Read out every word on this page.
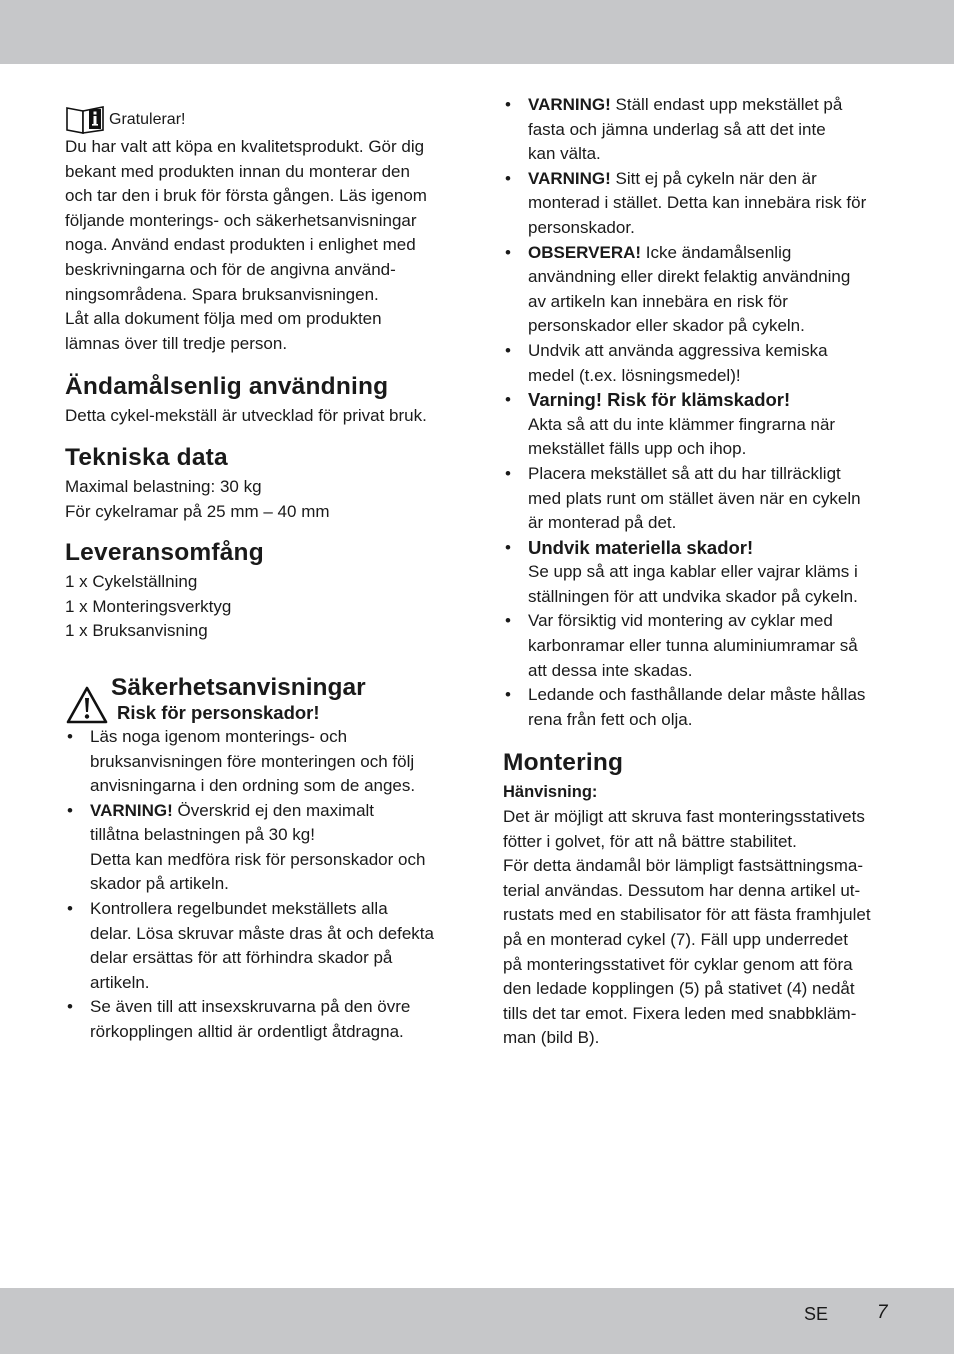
Gratulerar!
Du har valt att köpa en kvalitetsprodukt. Gör dig
bekant med produkten innan du monterar den
och tar den i bruk för första gången. Läs igenom
följande monterings- och säkerhetsanvisningar
noga. Använd endast produkten i enlighet med
beskrivningarna och för de angivna använd-
ningsområdena. Spara bruksanvisningen.
Låt alla dokument följa med om produkten
lämnas över till tredje person.
Ändamålsenlig användning

Detta cykel-mekställ är utvecklad för privat bruk.

Tekniska data
Maximal belastning: 30 kg
För cykelramar på 25 mm – 40 mm
Leveransomfång
1 x Cykelställning
1 x Monteringsverktyg
1 x Bruksanvisning
Säkerhetsanvisningar
Risk för personskador!
• Läs noga igenom monterings- och
bruksanvisningen före monteringen och följ
anvisningarna i den ordning som de anges.
• VARNING! Överskrid ej den maximalt
tillåtna belastningen på 30 kg!
Detta kan medföra risk för personskador och
skador på artikeln.
• Kontrollera regelbundet mekställets alla
delar. Lösa skruvar måste dras åt och defekta
delar ersättas för att förhindra skador på
artikeln.
• Se även till att insexskruvarna på den övre
rörkopplingen alltid är ordentligt åtdragna.
• VARNING! Ställ endast upp mekstället på
fasta och jämna underlag så att det inte
kan välta.
• VARNING! Sitt ej på cykeln när den är
monterad i stället. Detta kan innebära risk för
personskador.
• OBSERVERA! Icke ändamålsenlig
användning eller direkt felaktig användning
av artikeln kan innebära en risk för
personskador eller skador på cykeln.
• Undvik att använda aggressiva kemiska
medel (t.ex. lösningsmedel)!
• Varning! Risk för klämskador!
Akta så att du inte klämmer fingrarna när
mekstället fälls upp och ihop.
• Placera mekstället så att du har tillräckligt
med plats runt om stället även när en cykeln
är monterad på det.
• Undvik materiella skador!
Se upp så att inga kablar eller vajrar kläms i
ställningen för att undvika skador på cykeln.
• Var försiktig vid montering av cyklar med
karbonramar eller tunna aluminiumramar så
att dessa inte skadas.
• Ledande och fasthållande delar måste hållas
rena från fett och olja.
Montering

Hänvisning:

Det är möjligt att skruva fast monteringsstativets
fötter i golvet, för att nå bättre stabilitet.
För detta ändamål bör lämpligt fastsättningsma-
terial användas. Dessutom har denna artikel ut-
rustats med en stabilisator för att fästa framhjulet
på en monterad cykel (7). Fäll upp underredet
på monteringsstativet för cyklar genom att föra
den ledade kopplingen (5) på stativet (4) nedåt
tills det tar emot. Fixera leden med snabbkläm-
man (bild B).
SE	7
